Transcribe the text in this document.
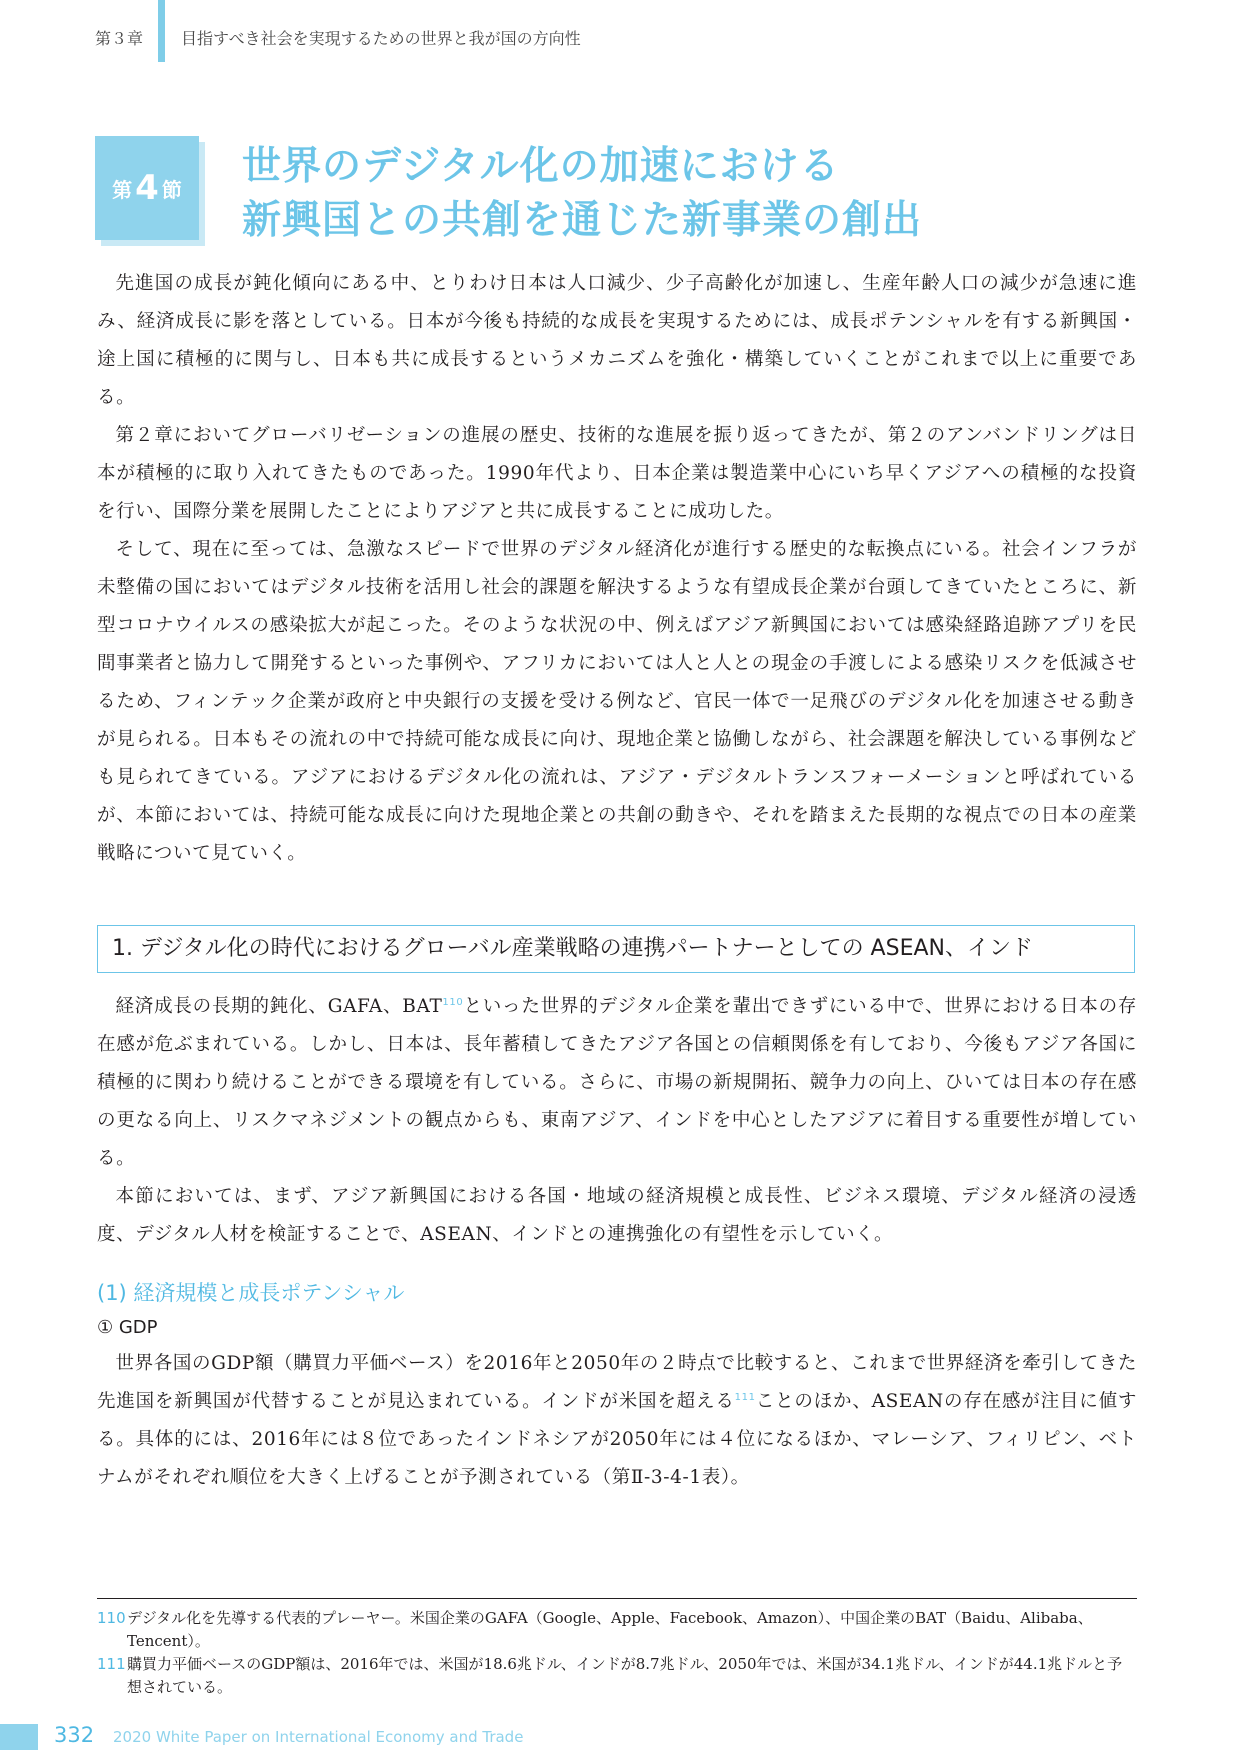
第３章 目指すべき社会を実現するための世界と我が国の方向性
第 4 節
世界のデジタル化の加速における
新興国との共創を通じた新事業の創出

先進国の成長が鈍化傾向にある中、とりわけ日本は人口減少、少子高齢化が加速し、生産年齢人口の減少が急速に進み、経済成長に影を落としている。日本が今後も持続的な成長を実現するためには、成長ポテンシャルを有する新興国・途上国に積極的に関与し、日本も共に成長するというメカニズムを強化・構築していくことがこれまで以上に重要である。

第２章においてグローバリゼーションの進展の歴史、技術的な進展を振り返ってきたが、第２のアンバンドリングは日本が積極的に取り入れてきたものであった。1990年代より、日本企業は製造業中心にいち早くアジアへの積極的な投資を行い、国際分業を展開したことによりアジアと共に成長することに成功した。

そして、現在に至っては、急激なスピードで世界のデジタル経済化が進行する歴史的な転換点にいる。社会インフラが未整備の国においてはデジタル技術を活用し社会的課題を解決するような有望成長企業が台頭してきていたところに、新型コロナウイルスの感染拡大が起こった。そのような状況の中、例えばアジア新興国においては感染経路追跡アプリを民間事業者と協力して開発するといった事例や、アフリカにおいては人と人との現金の手渡しによる感染リスクを低減させるため、フィンテック企業が政府と中央銀行の支援を受ける例など、官民一体で一足飛びのデジタル化を加速させる動きが見られる。日本もその流れの中で持続可能な成長に向け、現地企業と協働しながら、社会課題を解決している事例なども見られてきている。アジアにおけるデジタル化の流れは、アジア・デジタルトランスフォーメーションと呼ばれているが、本節においては、持続可能な成長に向けた現地企業との共創の動きや、それを踏まえた長期的な視点での日本の産業戦略について見ていく。

1. デジタル化の時代におけるグローバル産業戦略の連携パートナーとしての ASEAN、インド

経済成長の長期的鈍化、GAFA、BAT$^{110}$といった世界的デジタル企業を輩出できずにいる中で、世界における日本の存在感が危ぶまれている。しかし、日本は、長年蓄積してきたアジア各国との信頼関係を有しており、今後もアジア各国に積極的に関わり続けることができる環境を有している。さらに、市場の新規開拓、競争力の向上、ひいては日本の存在感の更なる向上、リスクマネジメントの観点からも、東南アジア、インドを中心としたアジアに着目する重要性が増している。

本節においては、まず、アジア新興国における各国・地域の経済規模と成長性、ビジネス環境、デジタル経済の浸透度、デジタル人材を検証することで、ASEAN、インドとの連携強化の有望性を示していく。

(1) 経済規模と成長ポテンシャル
① GDP

世界各国のGDP額（購買力平価ベース）を2016年と2050年の２時点で比較すると、これまで世界経済を牽引してきた先進国を新興国が代替することが見込まれている。インドが米国を超える$^{111}$ことのほか、ASEANの存在感が注目に値する。具体的には、2016年には８位であったインドネシアが2050年には４位になるほか、マレーシア、フィリピン、ベトナムがそれぞれ順位を大きく上げることが予測されている（第Ⅱ-3-4-1表）。

110 デジタル化を先導する代表的プレーヤー。米国企業のGAFA（Google、Apple、Facebook、Amazon）、中国企業のBAT（Baidu、Alibaba、Tencent）。
111 購買力平価ベースのGDP額は、2016年では、米国が18.6兆ドル、インドが8.7兆ドル、2050年では、米国が34.1兆ドル、インドが44.1兆ドルと予想されている。
332 2020 White Paper on International Economy and Trade
